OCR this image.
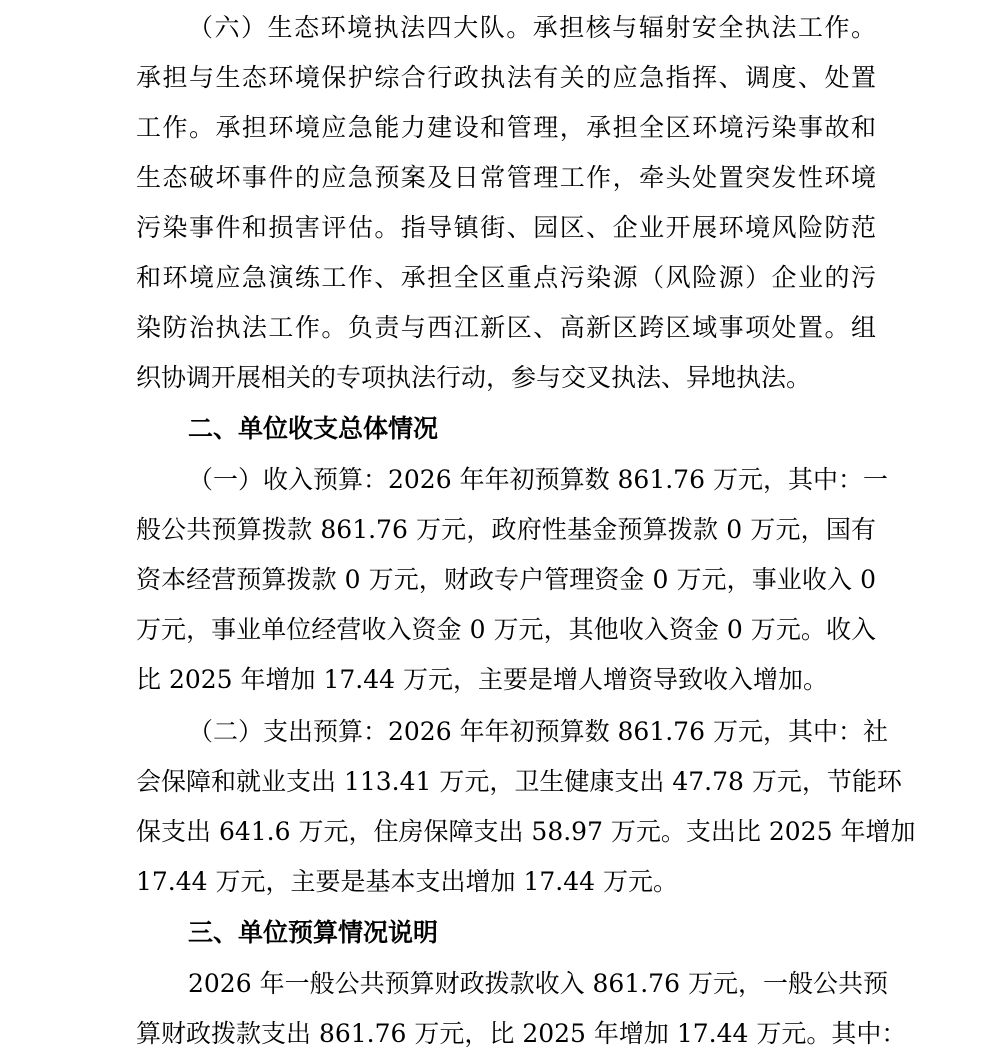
（六）生态环境执法四大队。承担核与辐射安全执法工作。
承担与生态环境保护综合行政执法有关的应急指挥、调度、处置
工作。承担环境应急能力建设和管理，承担全区环境污染事故和
生态破坏事件的应急预案及日常管理工作，牵头处置突发性环境
污染事件和损害评估。指导镇街、园区、企业开展环境风险防范
和环境应急演练工作、承担全区重点污染源（风险源）企业的污
染防治执法工作。负责与西江新区、高新区跨区域事项处置。组
织协调开展相关的专项执法行动，参与交叉执法、异地执法。
二、单位收支总体情况
（一）收入预算：2026 年年初预算数 861.76 万元，其中：一
般公共预算拨款 861.76 万元，政府性基金预算拨款 0 万元，国有
资本经营预算拨款 0 万元，财政专户管理资金 0 万元，事业收入 0
万元，事业单位经营收入资金 0 万元，其他收入资金 0 万元。收入
比 2025 年增加 17.44 万元，主要是增人增资导致收入增加。
（二）支出预算：2026 年年初预算数 861.76 万元，其中：社
会保障和就业支出 113.41 万元，卫生健康支出 47.78 万元，节能环
保支出 641.6 万元，住房保障支出 58.97 万元。支出比 2025 年增加
17.44 万元，主要是基本支出增加 17.44 万元。
三、单位预算情况说明
2026 年一般公共预算财政拨款收入 861.76 万元，一般公共预
算财政拨款支出 861.76 万元，比 2025 年增加 17.44 万元。其中：
